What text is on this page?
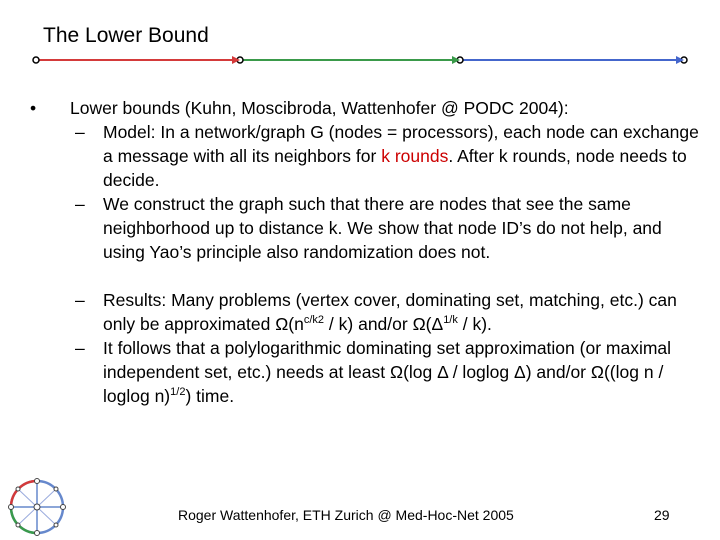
The Lower Bound
• Lower bounds (Kuhn, Moscibroda, Wattenhofer @ PODC 2004):
– Model: In a network/graph G (nodes = processors), each node can exchange a message with all its neighbors for k rounds. After k rounds, node needs to decide.
– We construct the graph such that there are nodes that see the same neighborhood up to distance k. We show that node ID’s do not help, and using Yao’s principle also randomization does not.
– Results: Many problems (vertex cover, dominating set, matching, etc.) can only be approximated $\Omega(n^{c/k2} / k)$ and/or $\Omega(\Delta^{1/k} / k)$.
– It follows that a polylogarithmic dominating set approximation (or maximal independent set, etc.) needs at least Ω(log Δ / loglog Δ) and/or Ω((log n / loglog n)$^{1/2}$) time.
Roger Wattenhofer, ETH Zurich @ Med-Hoc-Net 2005	29
